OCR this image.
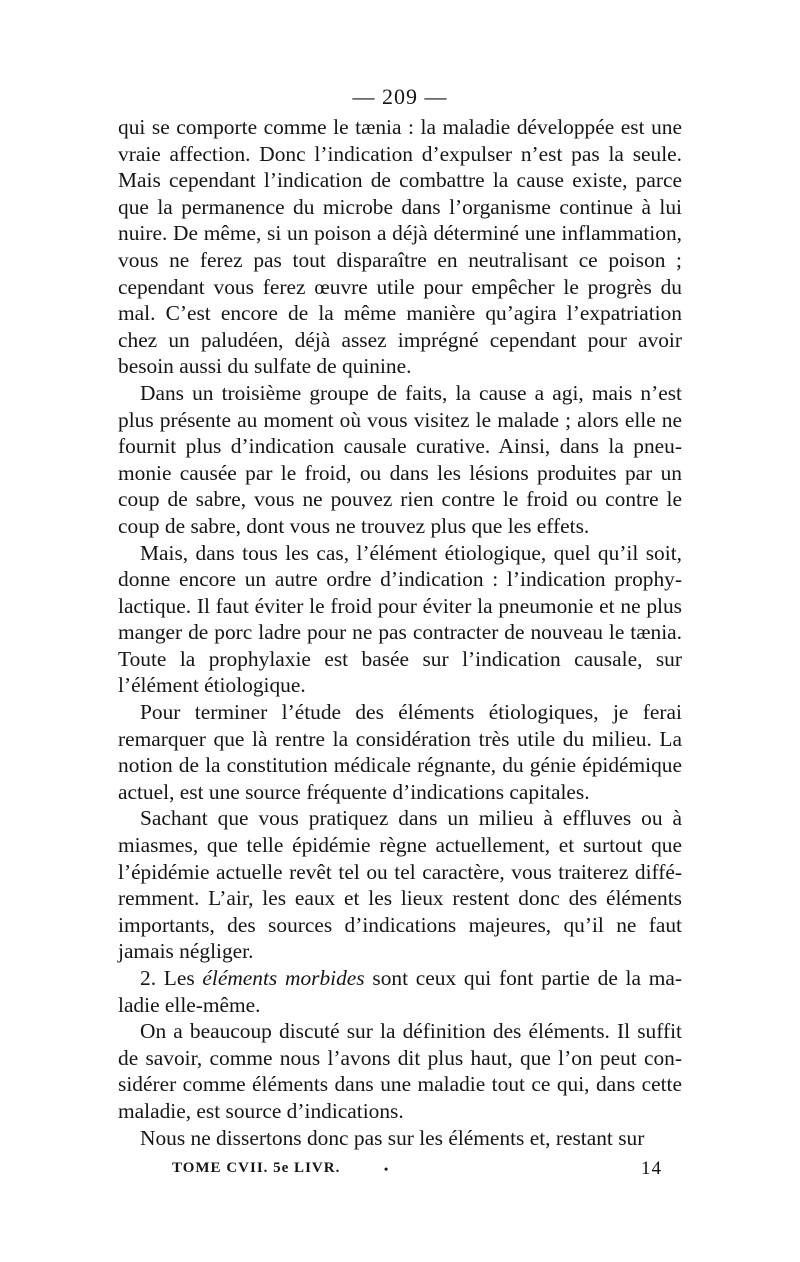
— 209 —

qui se comporte comme le tænia : la maladie développée est une vraie affection. Donc l’indication d’expulser n’est pas la seule. Mais cependant l’indication de combattre la cause existe, parce que la permanence du microbe dans l’organisme continue à lui nuire. De même, si un poison a déjà déterminé une inflammation, vous ne ferez pas tout disparaître en neutralisant ce poison ; cependant vous ferez œuvre utile pour empêcher le progrès du mal. C’est encore de la même manière qu’agira l’expatriation chez un paludéen, déjà assez imprégné cependant pour avoir besoin aussi du sulfate de quinine.

Dans un troisième groupe de faits, la cause a agi, mais n’est plus présente au moment où vous visitez le malade ; alors elle ne fournit plus d’indication causale curative. Ainsi, dans la pneumonie causée par le froid, ou dans les lésions produites par un coup de sabre, vous ne pouvez rien contre le froid ou contre le coup de sabre, dont vous ne trouvez plus que les effets.

Mais, dans tous les cas, l’élément étiologique, quel qu’il soit, donne encore un autre ordre d’indication : l’indication prophylactique. Il faut éviter le froid pour éviter la pneumonie et ne plus manger de porc ladre pour ne pas contracter de nouveau le tænia. Toute la prophylaxie est basée sur l’indication causale, sur l’élément étiologique.

Pour terminer l’étude des éléments étiologiques, je ferai remarquer que là rentre la considération très utile du milieu. La notion de la constitution médicale régnante, du génie épidémique actuel, est une source fréquente d’indications capitales.

Sachant que vous pratiquez dans un milieu à effluves ou à miasmes, que telle épidémie règne actuellement, et surtout que l’épidémie actuelle revêt tel ou tel caractère, vous traiterez différemment. L’air, les eaux et les lieux restent donc des éléments importants, des sources d’indications majeures, qu’il ne faut jamais négliger.

2. Les éléments morbides sont ceux qui font partie de la maladie elle-même.

On a beaucoup discuté sur la définition des éléments. Il suffit de savoir, comme nous l’avons dit plus haut, que l’on peut considérer comme éléments dans une maladie tout ce qui, dans cette maladie, est source d’indications.

Nous ne dissertons donc pas sur les éléments et, restant sur

TOME CVII. 5e LIVR.	•	14
